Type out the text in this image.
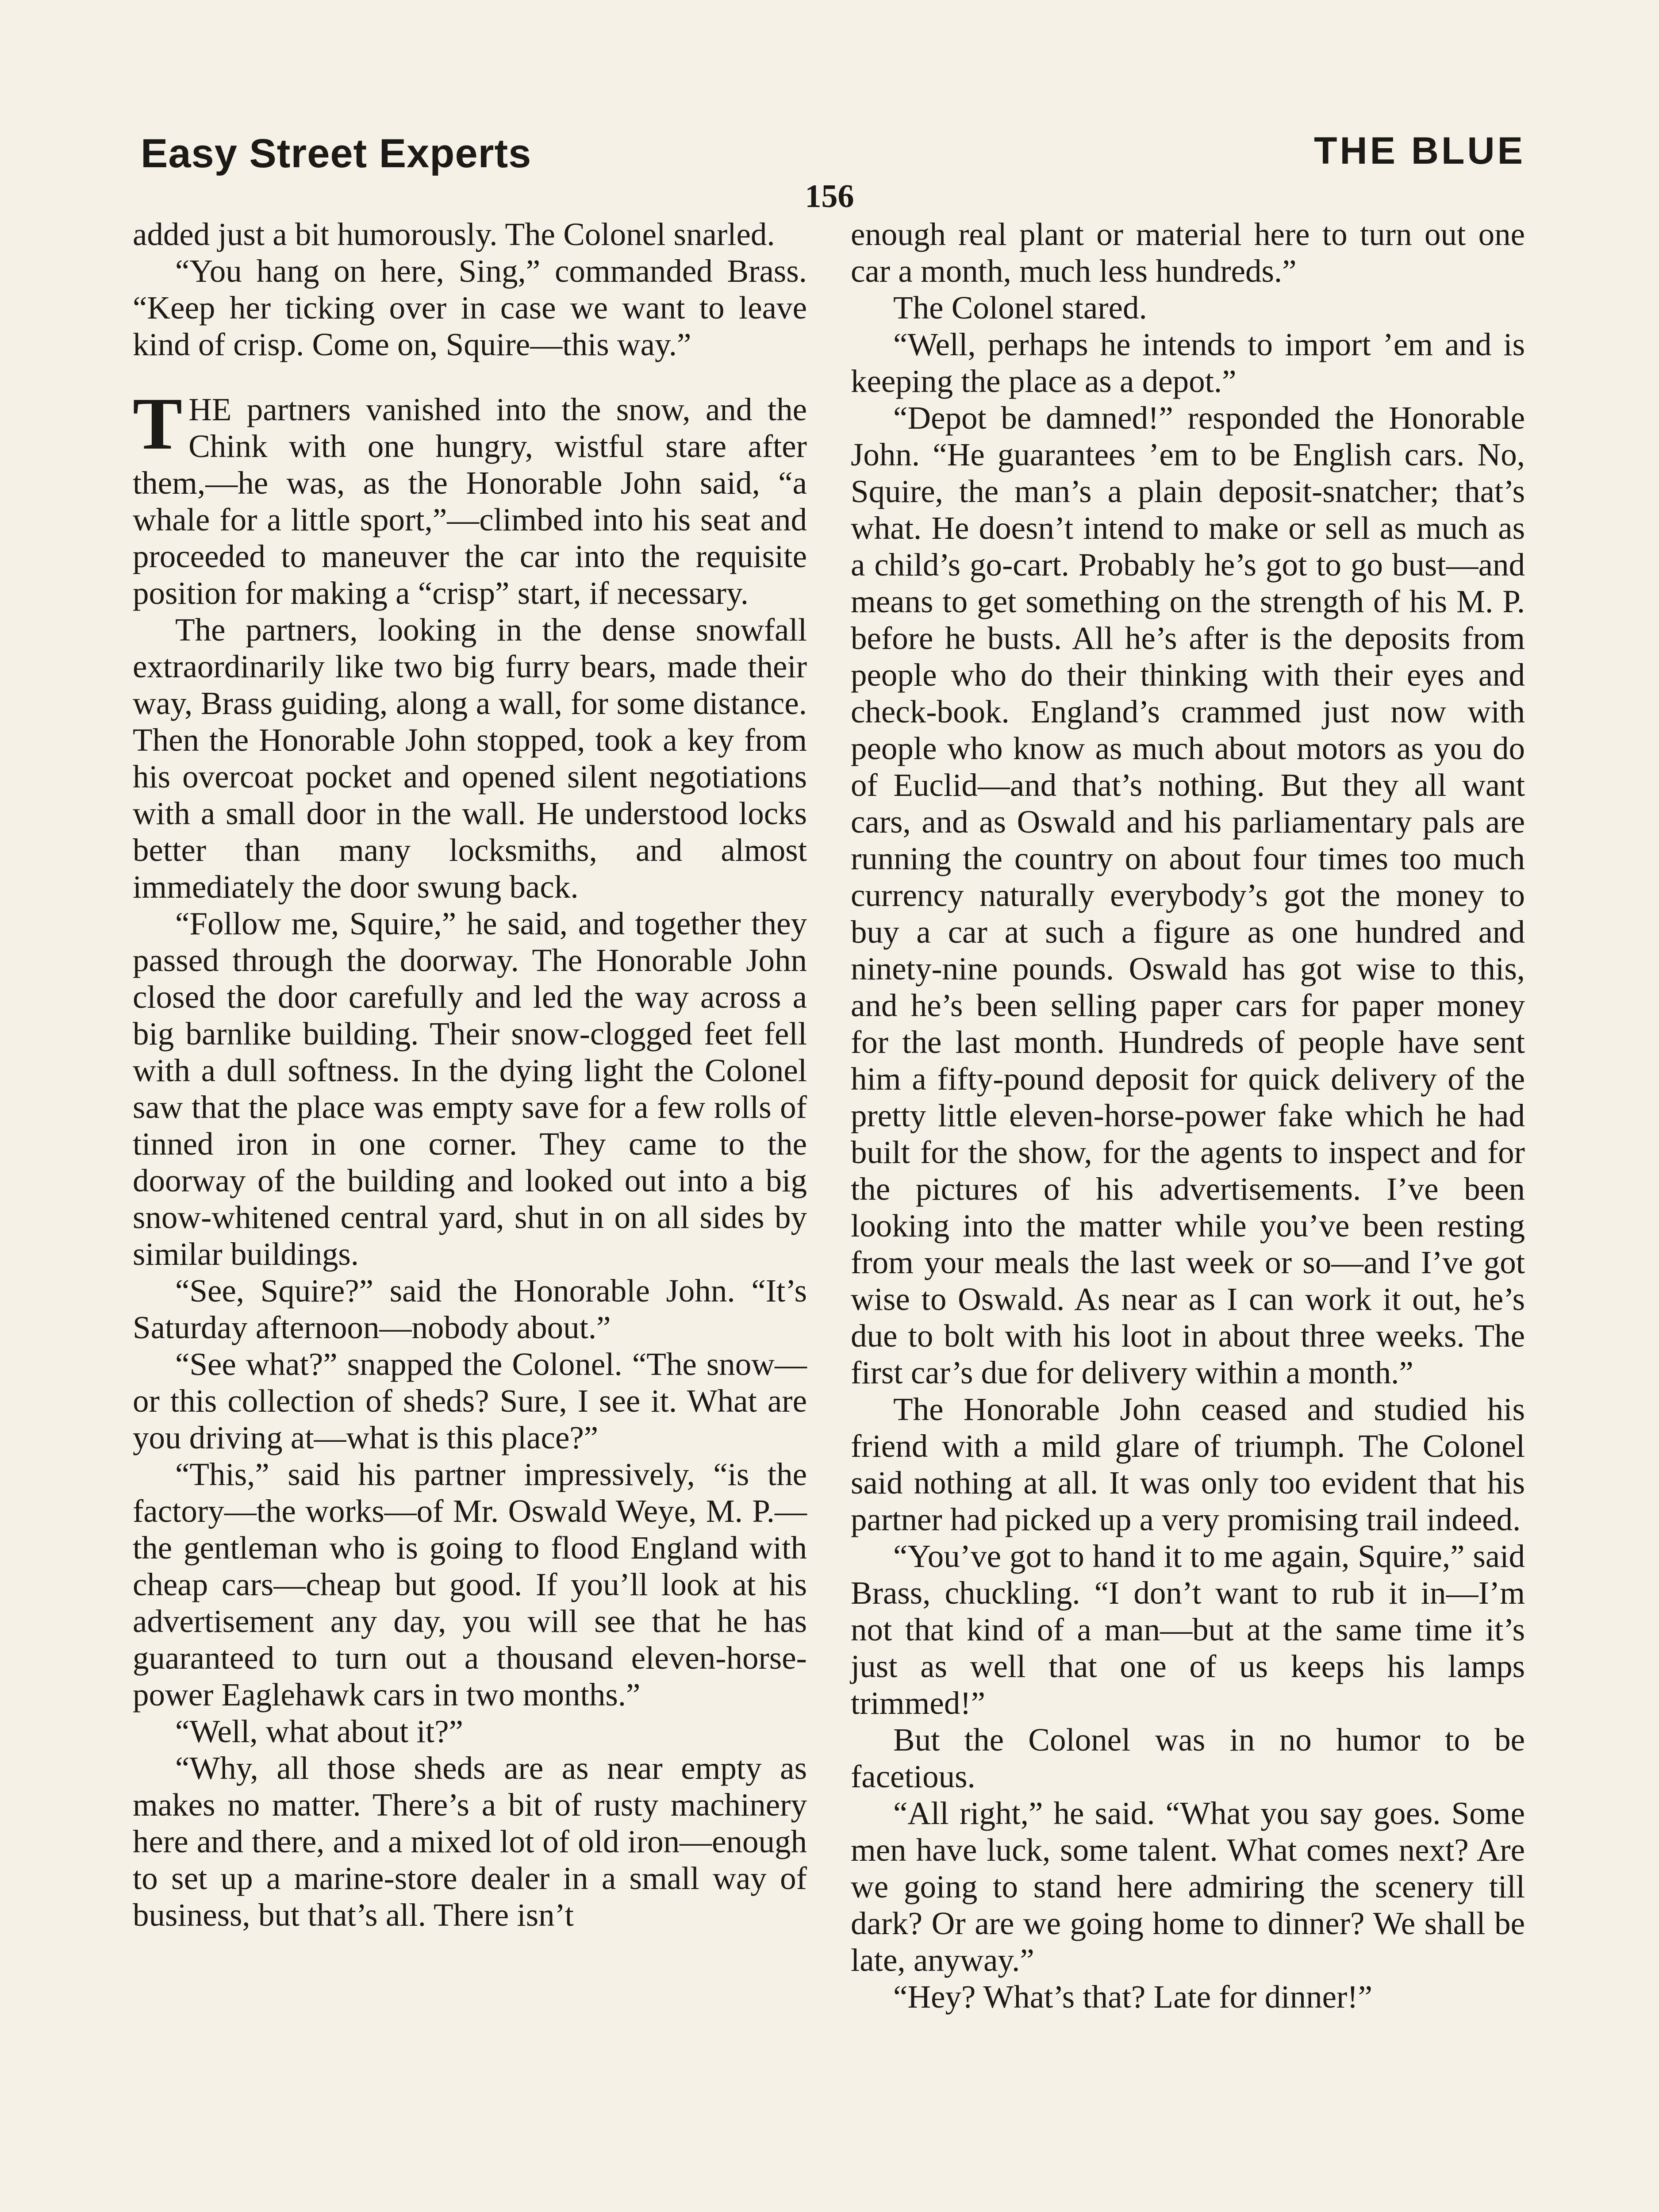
Easy Street Experts	THE BLUE
156

added just a bit humorously. The Colonel snarled.

“You hang on here, Sing,” commanded Brass. “Keep her ticking over in case we want to leave kind of crisp. Come on, Squire—this way.”

THE partners vanished into the snow, and the Chink with one hungry, wistful stare after them,—he was, as the Honorable John said, “a whale for a little sport,”—climbed into his seat and proceeded to maneuver the car into the requisite position for making a “crisp” start, if necessary.

The partners, looking in the dense snowfall extraordinarily like two big furry bears, made their way, Brass guiding, along a wall, for some distance. Then the Honorable John stopped, took a key from his overcoat pocket and opened silent negotiations with a small door in the wall. He understood locks better than many locksmiths, and almost immediately the door swung back.

“Follow me, Squire,” he said, and together they passed through the doorway. The Honorable John closed the door carefully and led the way across a big barnlike building. Their snow-clogged feet fell with a dull softness. In the dying light the Colonel saw that the place was empty save for a few rolls of tinned iron in one corner. They came to the doorway of the building and looked out into a big snow-whitened central yard, shut in on all sides by similar buildings.

“See, Squire?” said the Honorable John. “It’s Saturday afternoon—nobody about.”

“See what?” snapped the Colonel. “The snow—or this collection of sheds? Sure, I see it. What are you driving at—what is this place?”

“This,” said his partner impressively, “is the factory—the works—of Mr. Oswald Weye, M. P.—the gentleman who is going to flood England with cheap cars—cheap but good. If you’ll look at his advertisement any day, you will see that he has guaranteed to turn out a thousand eleven-horse-power Eaglehawk cars in two months.”

“Well, what about it?”

“Why, all those sheds are as near empty as makes no matter. There’s a bit of rusty machinery here and there, and a mixed lot of old iron—enough to set up a marine-store dealer in a small way of business, but that’s all. There isn’t

enough real plant or material here to turn out one car a month, much less hundreds.”

The Colonel stared.

“Well, perhaps he intends to import ’em and is keeping the place as a depot.”

“Depot be damned!” responded the Honorable John. “He guarantees ’em to be English cars. No, Squire, the man’s a plain deposit-snatcher; that’s what. He doesn’t intend to make or sell as much as a child’s go-cart. Probably he’s got to go bust—and means to get something on the strength of his M. P. before he busts. All he’s after is the deposits from people who do their thinking with their eyes and check-book. England’s crammed just now with people who know as much about motors as you do of Euclid—and that’s nothing. But they all want cars, and as Oswald and his parliamentary pals are running the country on about four times too much currency naturally everybody’s got the money to buy a car at such a figure as one hundred and ninety-nine pounds. Oswald has got wise to this, and he’s been selling paper cars for paper money for the last month. Hundreds of people have sent him a fifty-pound deposit for quick delivery of the pretty little eleven-horse-power fake which he had built for the show, for the agents to inspect and for the pictures of his advertisements. I’ve been looking into the matter while you’ve been resting from your meals the last week or so—and I’ve got wise to Oswald. As near as I can work it out, he’s due to bolt with his loot in about three weeks. The first car’s due for delivery within a month.”

The Honorable John ceased and studied his friend with a mild glare of triumph. The Colonel said nothing at all. It was only too evident that his partner had picked up a very promising trail indeed.

“You’ve got to hand it to me again, Squire,” said Brass, chuckling. “I don’t want to rub it in—I’m not that kind of a man—but at the same time it’s just as well that one of us keeps his lamps trimmed!”

But the Colonel was in no humor to be facetious.

“All right,” he said. “What you say goes. Some men have luck, some talent. What comes next? Are we going to stand here admiring the scenery till dark? Or are we going home to dinner? We shall be late, anyway.”

“Hey? What’s that? Late for dinner!”
